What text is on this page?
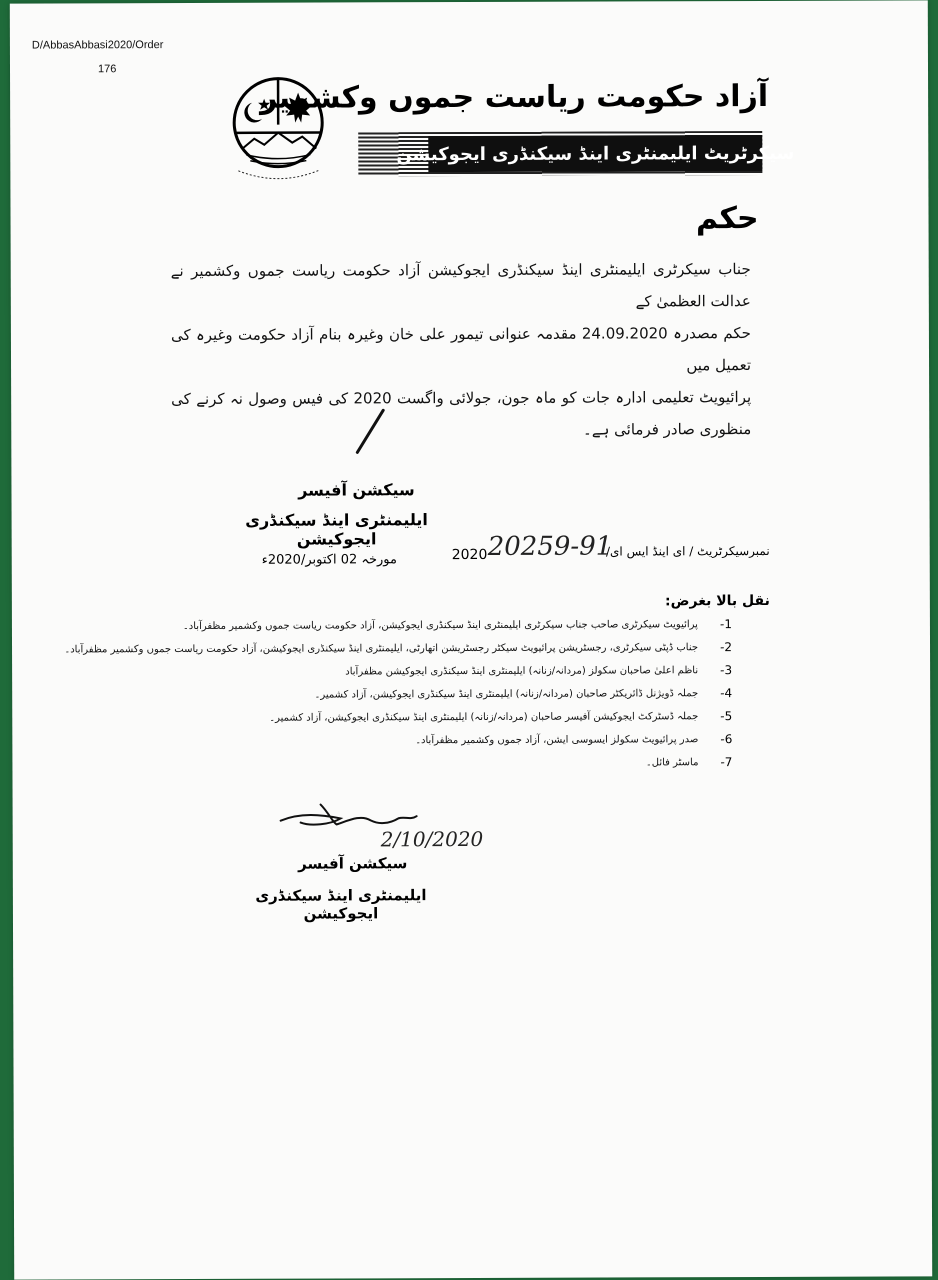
D/AbbasAbbasi2020/Order
176
آزاد حکومت ریاست جموں وکشمیر
سیکرٹریٹ ایلیمنٹری اینڈ سیکنڈری ایجوکیشن
حکم
جناب سیکرٹری ایلیمنٹری اینڈ سیکنڈری ایجوکیشن آزاد حکومت ریاست جموں وکشمیر نے عدالت العظمیٰ کے
حکم مصدرہ 24.09.2020 مقدمہ عنوانی تیمور علی خان وغیرہ بنام آزاد حکومت وغیرہ کی تعمیل میں
پرائیویٹ تعلیمی ادارہ جات کو ماہ جون، جولائی واگست 2020 کی فیس وصول نہ کرنے کی منظوری صادر فرمائی ہے۔
سیکشن آفیسر
ایلیمنٹری اینڈ سیکنڈری ایجوکیشن
نمبرسیکرٹریٹ / ای اینڈ ایس ای/
20259-91
2020
مورخہ 02 اکتوبر/2020ء
نقل بالا بغرض:
-1
پرائیویٹ سیکرٹری صاحب جناب سیکرٹری ایلیمنٹری اینڈ سیکنڈری ایجوکیشن، آزاد حکومت ریاست جموں وکشمیر مظفرآباد۔
-2
جناب ڈپٹی سیکرٹری، رجسٹریشن پرائیویٹ سیکٹر رجسٹریشن اتھارٹی، ایلیمنٹری اینڈ سیکنڈری ایجوکیشن، آزاد حکومت ریاست جموں وکشمیر مظفرآباد۔
-3
ناظم اعلیٰ صاحبان سکولز (مردانہ/زنانہ) ایلیمنٹری اینڈ سیکنڈری ایجوکیشن مظفرآباد
-4
جملہ ڈویژنل ڈائریکٹر صاحبان (مردانہ/زنانہ) ایلیمنٹری اینڈ سیکنڈری ایجوکیشن، آزاد کشمیر۔
-5
جملہ ڈسٹرکٹ ایجوکیشن آفیسر صاحبان (مردانہ/زنانہ) ایلیمنٹری اینڈ سیکنڈری ایجوکیشن، آزاد کشمیر۔
-6
صدر پرائیویٹ سکولز ایسوسی ایشن، آزاد جموں وکشمیر مظفرآباد۔
-7
ماسٹر فائل۔
2/10/2020
سیکشن آفیسر
ایلیمنٹری اینڈ سیکنڈری ایجوکیشن
